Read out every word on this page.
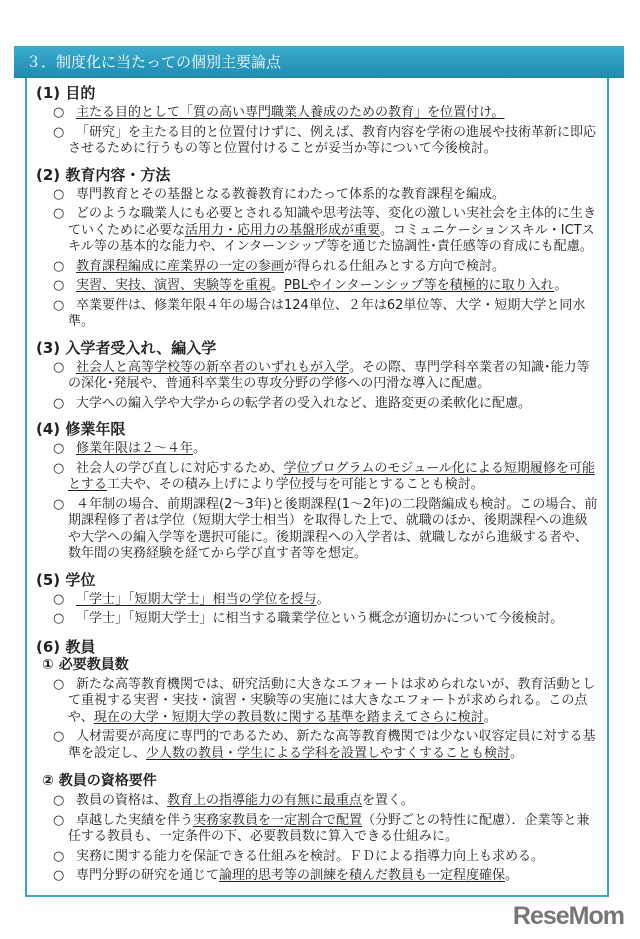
３．制度化に当たっての個別主要論点
(1) 目的
○ 主たる目的として「質の高い専門職業人養成のための教育」を位置付け。
○ 「研究」を主たる目的と位置付けずに、例えば、教育内容を学術の進展や技術革新に即応させるために行うもの等と位置付けることが妥当か等について今後検討。
(2) 教育内容・方法
○ 専門教育とその基盤となる教養教育にわたって体系的な教育課程を編成。
○ どのような職業人にも必要とされる知識や思考法等、変化の激しい実社会を主体的に生きていくために必要な活用力・応用力の基盤形成が重要。コミュニケーションスキル・ICTスキル等の基本的な能力や、インターンシップ等を通じた協調性･責任感等の育成にも配慮。
○ 教育課程編成に産業界の一定の参画が得られる仕組みとする方向で検討。
○ 実習、実技、演習、実験等を重視。PBLやインターンシップ等を積極的に取り入れ。
○ 卒業要件は、修業年限４年の場合は124単位、２年は62単位等、大学・短期大学と同水準。
(3) 入学者受入れ、編入学
○ 社会人と高等学校等の新卒者のいずれもが入学。その際、専門学科卒業者の知識･能力等の深化･発展や、普通科卒業生の専攻分野の学修への円滑な導入に配慮。
○ 大学への編入学や大学からの転学者の受入れなど、進路変更の柔軟化に配慮。
(4) 修業年限
○ 修業年限は２～４年。
○ 社会人の学び直しに対応するため、学位プログラムのモジュール化による短期履修を可能とする工夫や、その積み上げにより学位授与を可能とすることも検討。
○ ４年制の場合、前期課程(2～3年)と後期課程(1～2年)の二段階編成も検討。この場合、前期課程修了者は学位（短期大学士相当）を取得した上で、就職のほか、後期課程への進級や大学への編入学等を選択可能に。後期課程への入学者は、就職しながら進級する者や、数年間の実務経験を経てから学び直す者等を想定。
(5) 学位
○ 「学士」「短期大学士」相当の学位を授与。
○ 「学士」「短期大学士」に相当する職業学位という概念が適切かについて今後検討。
(6) 教員
① 必要教員数
○ 新たな高等教育機関では、研究活動に大きなエフォートは求められないが、教育活動として重視する実習・実技・演習・実験等の実施には大きなエフォートが求められる。この点や、現在の大学・短期大学の教員数に関する基準を踏まえてさらに検討。
○ 人材需要が高度に専門的であるため、新たな高等教育機関では少ない収容定員に対する基準を設定し、少人数の教員・学生による学科を設置しやすくすることも検討。
② 教員の資格要件
○ 教員の資格は、教育上の指導能力の有無に最重点を置く。
○ 卓越した実績を伴う実務家教員を一定割合で配置（分野ごとの特性に配慮）．企業等と兼任する教員も、一定条件の下、必要教員数に算入できる仕組みに。
○ 実務に関する能力を保証できる仕組みを検討。ＦＤによる指導力向上も求める。
○ 専門分野の研究を通じて論理的思考等の訓練を積んだ教員も一定程度確保。
ReseMom
